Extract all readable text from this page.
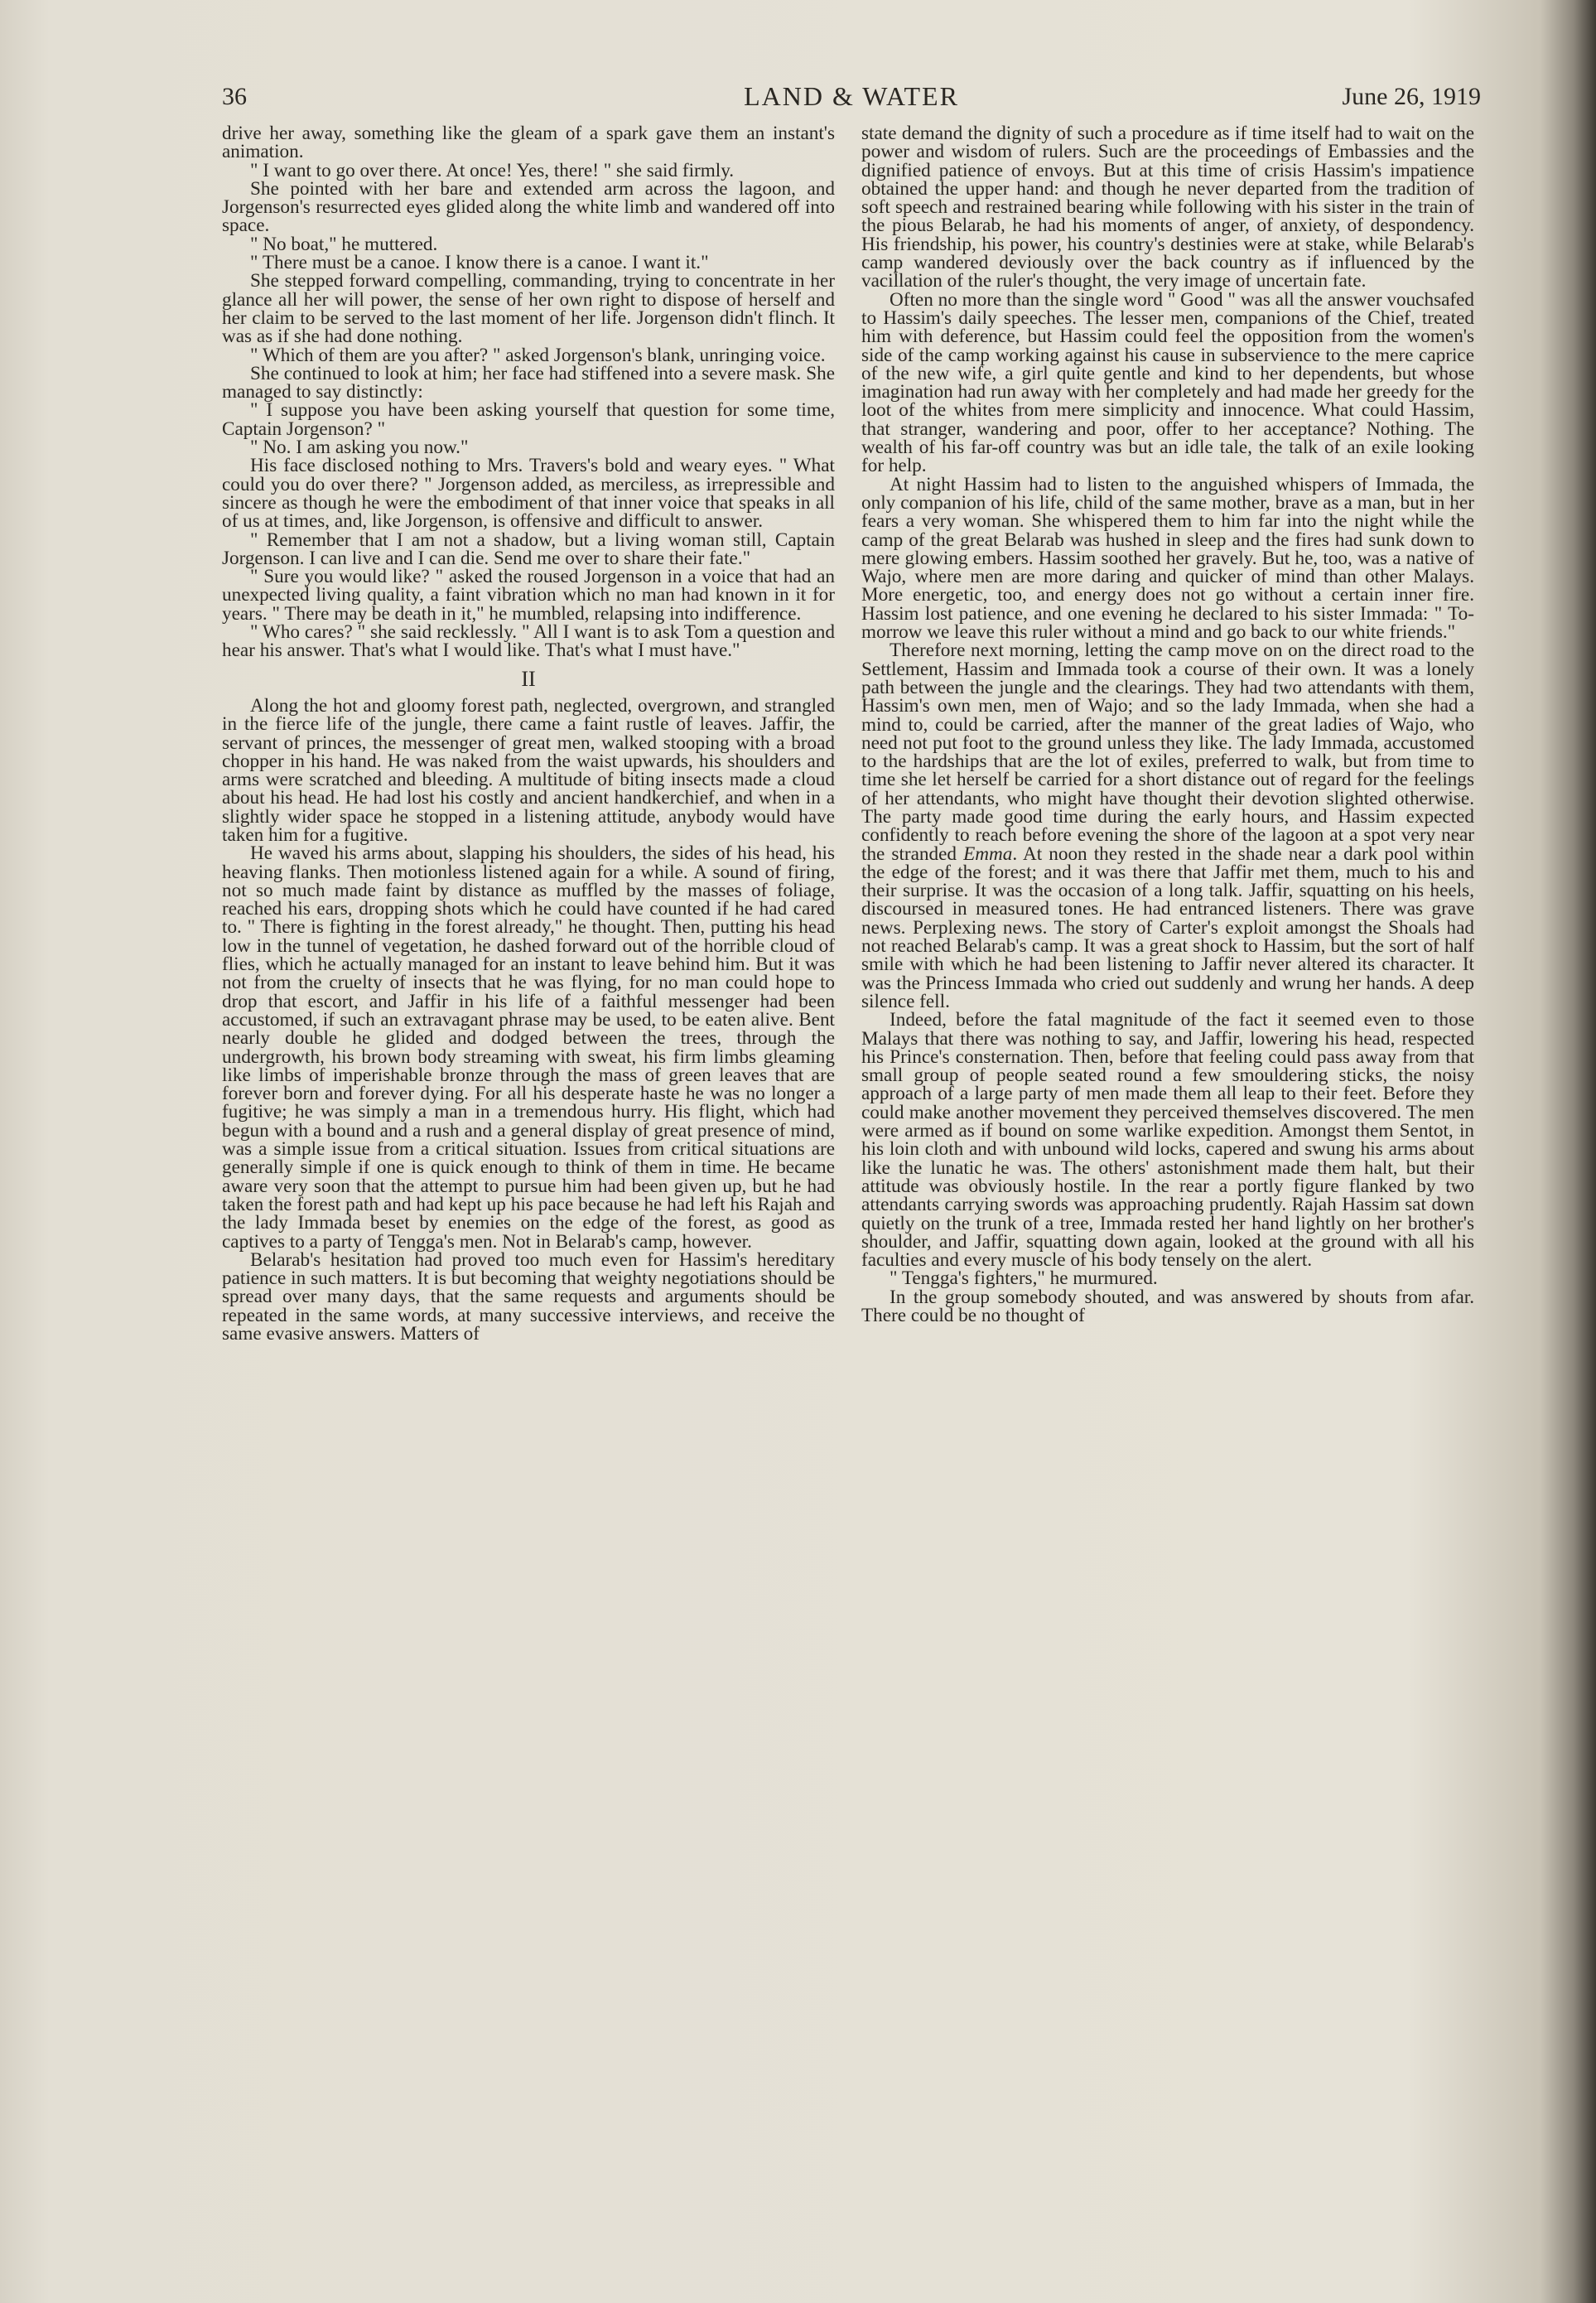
36	LAND & WATER	June 26, 1919

drive her away, something like the gleam of a spark gave them an instant's animation.

" I want to go over there. At once! Yes, there! " she said firmly.

She pointed with her bare and extended arm across the lagoon, and Jorgenson's resurrected eyes glided along the white limb and wandered off into space.

" No boat," he muttered.

" There must be a canoe. I know there is a canoe. I want it."

She stepped forward compelling, commanding, trying to concentrate in her glance all her will power, the sense of her own right to dispose of herself and her claim to be served to the last moment of her life. Jorgenson didn't flinch. It was as if she had done nothing.

" Which of them are you after? " asked Jorgenson's blank, unringing voice.

She continued to look at him; her face had stiffened into a severe mask. She managed to say distinctly:

" I suppose you have been asking yourself that question for some time, Captain Jorgenson? "

" No. I am asking you now."

His face disclosed nothing to Mrs. Travers's bold and weary eyes. " What could you do over there? " Jorgenson added, as merciless, as irrepressible and sincere as though he were the embodiment of that inner voice that speaks in all of us at times, and, like Jorgenson, is offensive and difficult to answer.

" Remember that I am not a shadow, but a living woman still, Captain Jorgenson. I can live and I can die. Send me over to share their fate."

" Sure you would like? " asked the roused Jorgenson in a voice that had an unexpected living quality, a faint vibration which no man had known in it for years. " There may be death in it," he mumbled, relapsing into indifference.

" Who cares? " she said recklessly. " All I want is to ask Tom a question and hear his answer. That's what I would like. That's what I must have."

II

Along the hot and gloomy forest path, neglected, overgrown, and strangled in the fierce life of the jungle, there came a faint rustle of leaves. Jaffir, the servant of princes, the messenger of great men, walked stooping with a broad chopper in his hand. He was naked from the waist upwards, his shoulders and arms were scratched and bleeding. A multitude of biting insects made a cloud about his head. He had lost his costly and ancient handkerchief, and when in a slightly wider space he stopped in a listening attitude, anybody would have taken him for a fugitive.

He waved his arms about, slapping his shoulders, the sides of his head, his heaving flanks. Then motionless listened again for a while. A sound of firing, not so much made faint by distance as muffled by the masses of foliage, reached his ears, dropping shots which he could have counted if he had cared to. " There is fighting in the forest already," he thought. Then, putting his head low in the tunnel of vegetation, he dashed forward out of the horrible cloud of flies, which he actually managed for an instant to leave behind him. But it was not from the cruelty of insects that he was flying, for no man could hope to drop that escort, and Jaffir in his life of a faithful messenger had been accustomed, if such an extravagant phrase may be used, to be eaten alive. Bent nearly double he glided and dodged between the trees, through the undergrowth, his brown body streaming with sweat, his firm limbs gleaming like limbs of imperishable bronze through the mass of green leaves that are forever born and forever dying. For all his desperate haste he was no longer a fugitive; he was simply a man in a tremendous hurry. His flight, which had begun with a bound and a rush and a general display of great presence of mind, was a simple issue from a critical situation. Issues from critical situations are generally simple if one is quick enough to think of them in time. He became aware very soon that the attempt to pursue him had been given up, but he had taken the forest path and had kept up his pace because he had left his Rajah and the lady Immada beset by enemies on the edge of the forest, as good as captives to a party of Tengga's men. Not in Belarab's camp, however.

Belarab's hesitation had proved too much even for Hassim's hereditary patience in such matters. It is but becoming that weighty negotiations should be spread over many days, that the same requests and arguments should be repeated in the same words, at many successive interviews, and receive the same evasive answers. Matters of

state demand the dignity of such a procedure as if time itself had to wait on the power and wisdom of rulers. Such are the proceedings of Embassies and the dignified patience of envoys. But at this time of crisis Hassim's impatience obtained the upper hand: and though he never departed from the tradition of soft speech and restrained bearing while following with his sister in the train of the pious Belarab, he had his moments of anger, of anxiety, of despondency. His friendship, his power, his country's destinies were at stake, while Belarab's camp wandered deviously over the back country as if influenced by the vacillation of the ruler's thought, the very image of uncertain fate.

Often no more than the single word " Good " was all the answer vouchsafed to Hassim's daily speeches. The lesser men, companions of the Chief, treated him with deference, but Hassim could feel the opposition from the women's side of the camp working against his cause in subservience to the mere caprice of the new wife, a girl quite gentle and kind to her dependents, but whose imagination had run away with her completely and had made her greedy for the loot of the whites from mere simplicity and innocence. What could Hassim, that stranger, wandering and poor, offer to her acceptance? Nothing. The wealth of his far-off country was but an idle tale, the talk of an exile looking for help.

At night Hassim had to listen to the anguished whispers of Immada, the only companion of his life, child of the same mother, brave as a man, but in her fears a very woman. She whispered them to him far into the night while the camp of the great Belarab was hushed in sleep and the fires had sunk down to mere glowing embers. Hassim soothed her gravely. But he, too, was a native of Wajo, where men are more daring and quicker of mind than other Malays. More energetic, too, and energy does not go without a certain inner fire. Hassim lost patience, and one evening he declared to his sister Immada: " To-morrow we leave this ruler without a mind and go back to our white friends."

Therefore next morning, letting the camp move on on the direct road to the Settlement, Hassim and Immada took a course of their own. It was a lonely path between the jungle and the clearings. They had two attendants with them, Hassim's own men, men of Wajo; and so the lady Immada, when she had a mind to, could be carried, after the manner of the great ladies of Wajo, who need not put foot to the ground unless they like. The lady Immada, accustomed to the hardships that are the lot of exiles, preferred to walk, but from time to time she let herself be carried for a short distance out of regard for the feelings of her attendants, who might have thought their devotion slighted otherwise. The party made good time during the early hours, and Hassim expected confidently to reach before evening the shore of the lagoon at a spot very near the stranded Emma. At noon they rested in the shade near a dark pool within the edge of the forest; and it was there that Jaffir met them, much to his and their surprise. It was the occasion of a long talk. Jaffir, squatting on his heels, discoursed in measured tones. He had entranced listeners. There was grave news. Perplexing news. The story of Carter's exploit amongst the Shoals had not reached Belarab's camp. It was a great shock to Hassim, but the sort of half smile with which he had been listening to Jaffir never altered its character. It was the Princess Immada who cried out suddenly and wrung her hands. A deep silence fell.

Indeed, before the fatal magnitude of the fact it seemed even to those Malays that there was nothing to say, and Jaffir, lowering his head, respected his Prince's consternation. Then, before that feeling could pass away from that small group of people seated round a few smouldering sticks, the noisy approach of a large party of men made them all leap to their feet. Before they could make another movement they perceived themselves discovered. The men were armed as if bound on some warlike expedition. Amongst them Sentot, in his loin cloth and with unbound wild locks, capered and swung his arms about like the lunatic he was. The others' astonishment made them halt, but their attitude was obviously hostile. In the rear a portly figure flanked by two attendants carrying swords was approaching prudently. Rajah Hassim sat down quietly on the trunk of a tree, Immada rested her hand lightly on her brother's shoulder, and Jaffir, squatting down again, looked at the ground with all his faculties and every muscle of his body tensely on the alert.

" Tengga's fighters," he murmured.

In the group somebody shouted, and was answered by shouts from afar. There could be no thought of
